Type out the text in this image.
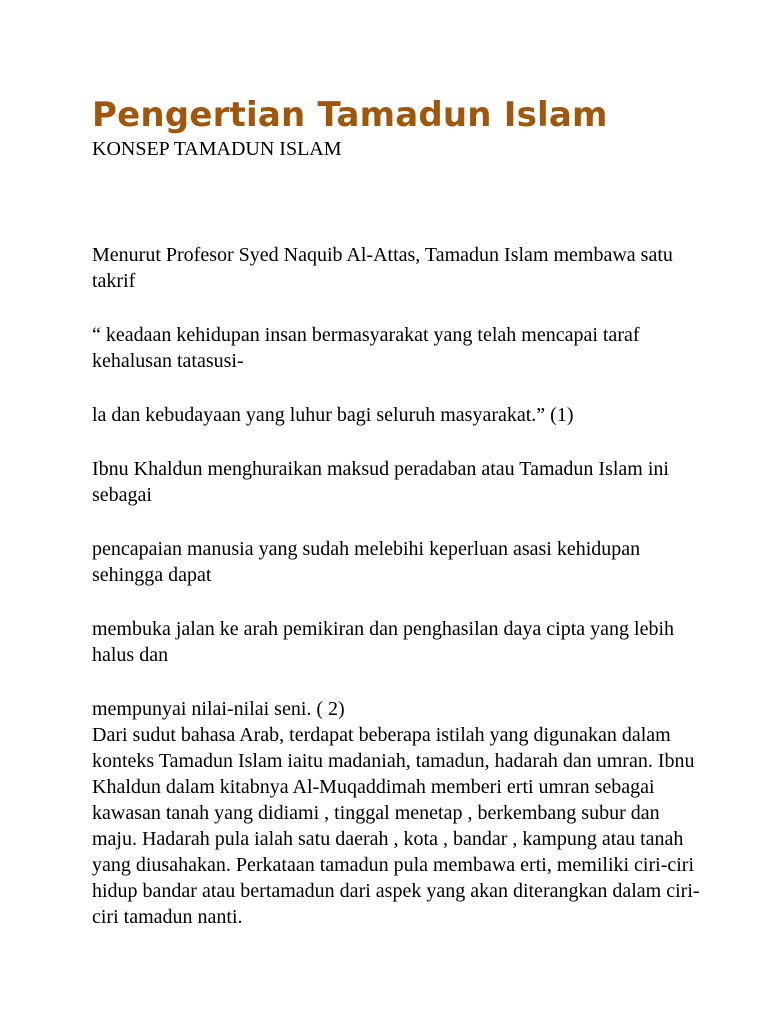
Pengertian Tamadun Islam

KONSEP TAMADUN ISLAM

Menurut Profesor Syed Naquib Al-Attas, Tamadun Islam membawa satu takrif

“ keadaan kehidupan insan bermasyarakat yang telah mencapai taraf kehalusan tatasusi-

la dan kebudayaan yang luhur bagi seluruh masyarakat.” (1)

Ibnu Khaldun menghuraikan maksud peradaban atau Tamadun Islam ini sebagai

pencapaian manusia yang sudah melebihi keperluan asasi kehidupan sehingga dapat

membuka jalan ke arah pemikiran dan penghasilan daya cipta yang lebih halus dan

mempunyai nilai-nilai seni. ( 2)

Dari sudut bahasa Arab, terdapat beberapa istilah yang digunakan dalam konteks Tamadun Islam iaitu madaniah, tamadun, hadarah dan umran. Ibnu Khaldun dalam kitabnya Al-Muqaddimah memberi erti umran sebagai kawasan tanah yang didiami , tinggal menetap , berkembang subur dan maju. Hadarah pula ialah satu daerah , kota , bandar , kampung atau tanah yang diusahakan. Perkataan tamadun pula membawa erti, memiliki ciri-ciri hidup bandar atau bertamadun dari aspek yang akan diterangkan dalam ciri-ciri tamadun nanti.
